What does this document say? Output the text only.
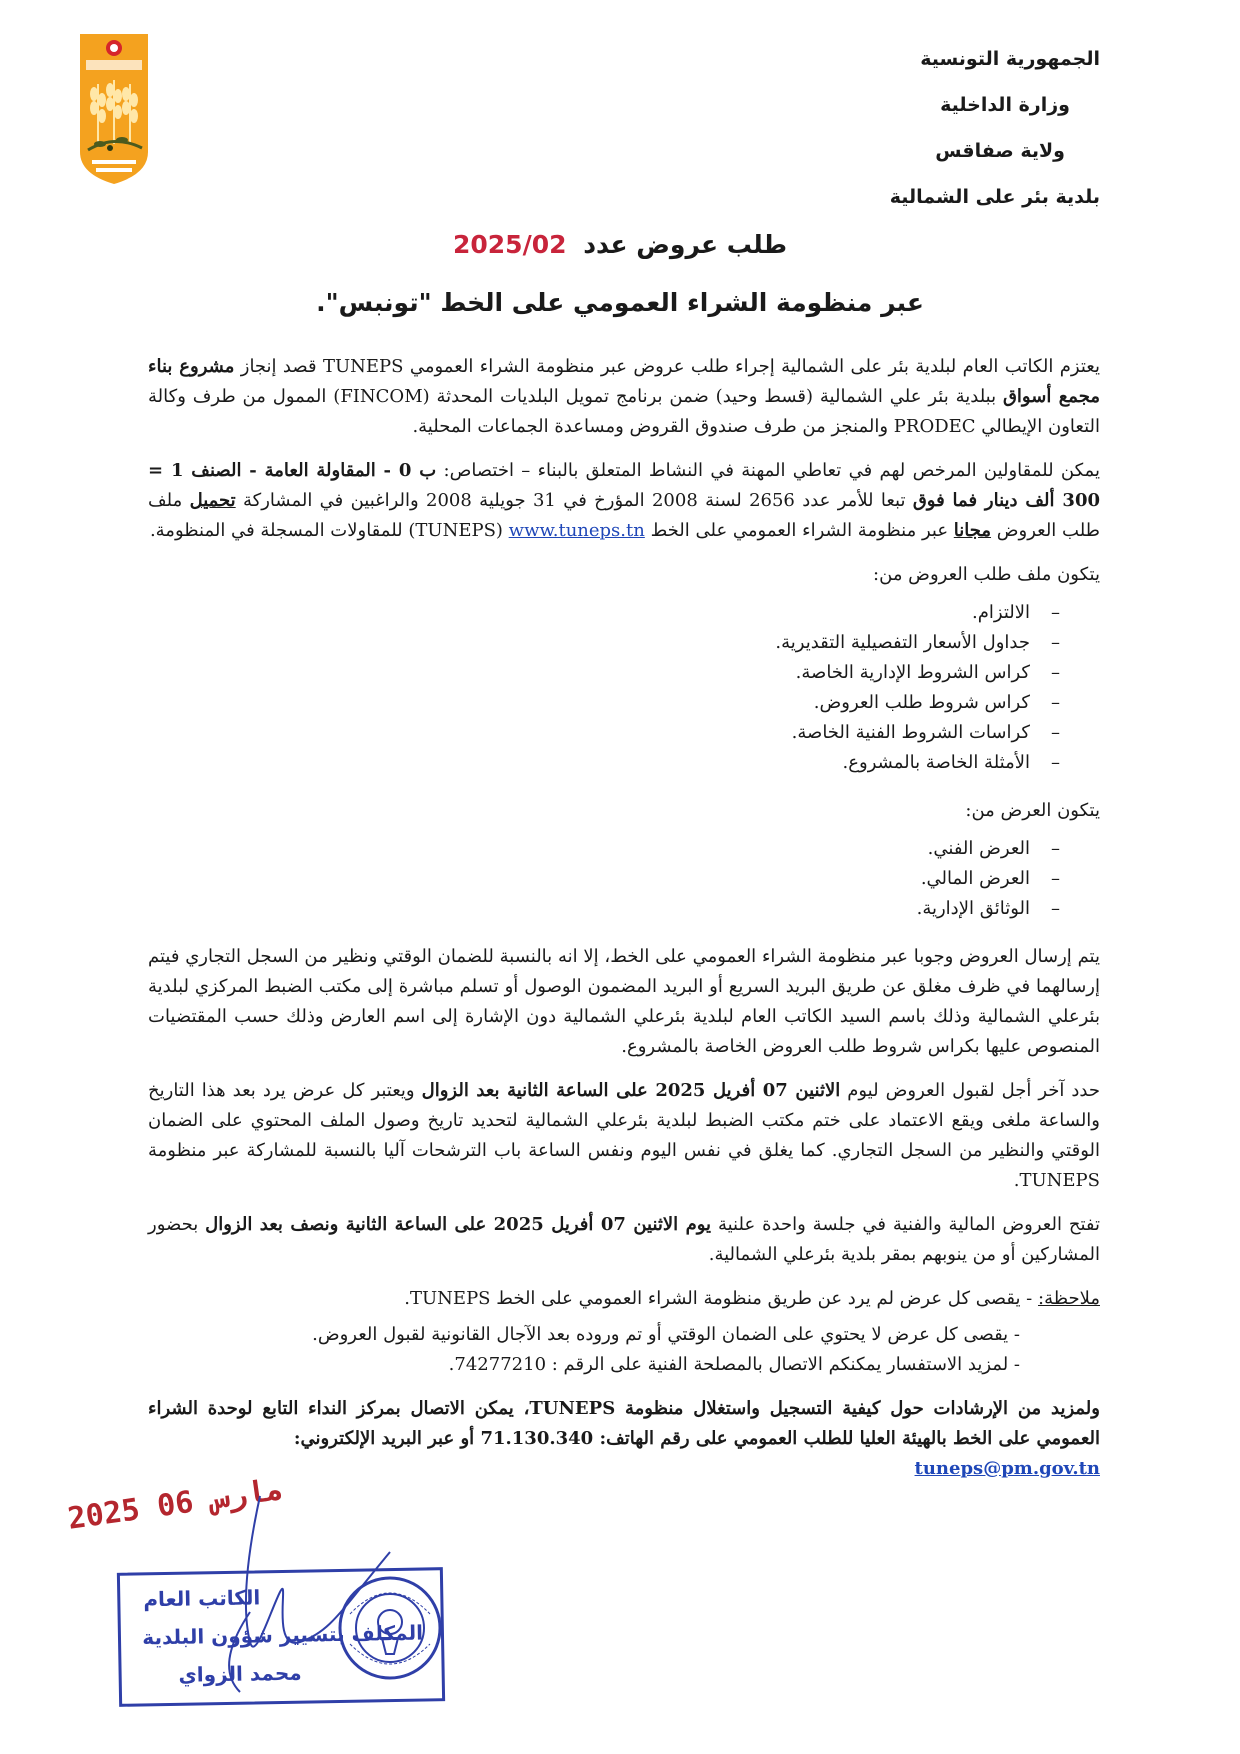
الجمهورية التونسية

وزارة الداخلية

ولاية صفاقس

بلدية بئر على الشمالية

طلب عروض عدد 2025/02
عبر منظومة الشراء العمومي على الخط "تونبس".

يعتزم الكاتب العام لبلدية بئر على الشمالية إجراء طلب عروض عبر منظومة الشراء العمومي TUNEPS قصد إنجاز مشروع بناء مجمع أسواق ببلدية بئر علي الشمالية (قسط وحيد) ضمن برنامج تمويل البلديات المحدثة (FINCOM) الممول من طرف وكالة التعاون الإيطالي PRODEC والمنجز من طرف صندوق القروض ومساعدة الجماعات المحلية.

يمكن للمقاولين المرخص لهم في تعاطي المهنة في النشاط المتعلق بالبناء – اختصاص: ب 0 - المقاولة العامة - الصنف 1 = 300 ألف دينار فما فوق تبعا للأمر عدد 2656 لسنة 2008 المؤرخ في 31 جويلية 2008 والراغبين في المشاركة تحميل ملف طلب العروض مجانا عبر منظومة الشراء العمومي على الخط www.tuneps.tn (TUNEPS) للمقاولات المسجلة في المنظومة.

يتكون ملف طلب العروض من:

– الالتزام.
– جداول الأسعار التفصيلية التقديرية.
– كراس الشروط الإدارية الخاصة.
– كراس شروط طلب العروض.
– كراسات الشروط الفنية الخاصة.
– الأمثلة الخاصة بالمشروع.

يتكون العرض من:

– العرض الفني.
– العرض المالي.
– الوثائق الإدارية.

يتم إرسال العروض وجوبا عبر منظومة الشراء العمومي على الخط، إلا انه بالنسبة للضمان الوقتي ونظير من السجل التجاري فيتم إرسالهما في ظرف مغلق عن طريق البريد السريع أو البريد المضمون الوصول أو تسلم مباشرة إلى مكتب الضبط المركزي لبلدية بئرعلي الشمالية وذلك باسم السيد الكاتب العام لبلدية بئرعلي الشمالية دون الإشارة إلى اسم العارض وذلك حسب المقتضيات المنصوص عليها بكراس شروط طلب العروض الخاصة بالمشروع.

حدد آخر أجل لقبول العروض ليوم الاثنين 07 أفريل 2025 على الساعة الثانية بعد الزوال ويعتبر كل عرض يرد بعد هذا التاريخ والساعة ملغى ويقع الاعتماد على ختم مكتب الضبط لبلدية بئرعلي الشمالية لتحديد تاريخ وصول الملف المحتوي على الضمان الوقتي والنظير من السجل التجاري. كما يغلق في نفس اليوم ونفس الساعة باب الترشحات آليا بالنسبة للمشاركة عبر منظومة TUNEPS.

تفتح العروض المالية والفنية في جلسة واحدة علنية يوم الاثنين 07 أفريل 2025 على الساعة الثانية ونصف بعد الزوال بحضور المشاركين أو من ينوبهم بمقر بلدية بئرعلي الشمالية.

ملاحظة: - يقصى كل عرض لم يرد عن طريق منظومة الشراء العمومي على الخط TUNEPS.

- يقصى كل عرض لا يحتوي على الضمان الوقتي أو تم وروده بعد الآجال القانونية لقبول العروض.
- لمزيد الاستفسار يمكنكم الاتصال بالمصلحة الفنية على الرقم : 74277210.

ولمزيد من الإرشادات حول كيفية التسجيل واستغلال منظومة TUNEPS، يمكن الاتصال بمركز النداء التابع لوحدة الشراء العمومي على الخط بالهيئة العليا للطلب العمومي على رقم الهاتف: 71.130.340 أو عبر البريد الإلكتروني:

tuneps@pm.gov.tn
2025 مارس 06
الكاتب العام
المكلف بتسيير شؤون البلدية
محمد الزواي
